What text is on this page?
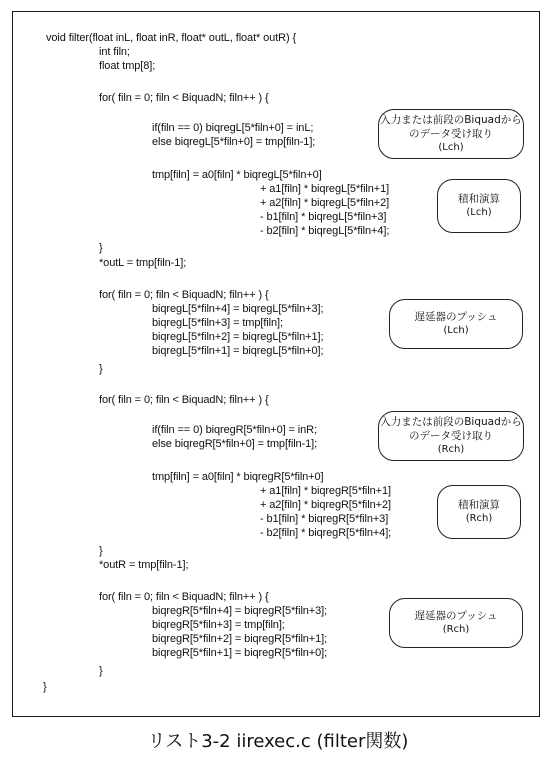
void filter(float inL, float inR, float* outL, float* outR) {
int filn;
float tmp[8];
for( filn = 0; filn < BiquadN; filn++ ) {
if(filn == 0) biqregL[5*filn+0] = inL;
else biqregL[5*filn+0] = tmp[filn-1];
tmp[filn] = a0[filn] * biqregL[5*filn+0]
+ a1[filn] * biqregL[5*filn+1]
+ a2[filn] * biqregL[5*filn+2]
- b1[filn] * biqregL[5*filn+3]
- b2[filn] * biqregL[5*filn+4];
}
*outL = tmp[filn-1];
for( filn = 0; filn < BiquadN; filn++ ) {
biqregL[5*filn+4] = biqregL[5*filn+3];
biqregL[5*filn+3] = tmp[filn];
biqregL[5*filn+2] = biqregL[5*filn+1];
biqregL[5*filn+1] = biqregL[5*filn+0];
}
for( filn = 0; filn < BiquadN; filn++ ) {
if(filn == 0) biqregR[5*filn+0] = inR;
else biqregR[5*filn+0] = tmp[filn-1];
tmp[filn] = a0[filn] * biqregR[5*filn+0]
+ a1[filn] * biqregR[5*filn+1]
+ a2[filn] * biqregR[5*filn+2]
- b1[filn] * biqregR[5*filn+3]
- b2[filn] * biqregR[5*filn+4];
}
*outR = tmp[filn-1];
for( filn = 0; filn < BiquadN; filn++ ) {
biqregR[5*filn+4] = biqregR[5*filn+3];
biqregR[5*filn+3] = tmp[filn];
biqregR[5*filn+2] = biqregR[5*filn+1];
biqregR[5*filn+1] = biqregR[5*filn+0];
}
}
入力または前段のBiquadから
のデータ受け取り
(Lch)
積和演算
(Lch)
遅延器のプッシュ
(Lch)
入力または前段のBiquadから
のデータ受け取り
(Rch)
積和演算
(Rch)
遅延器のプッシュ
(Rch)
リスト3-2 iirexec.c (filter関数)
